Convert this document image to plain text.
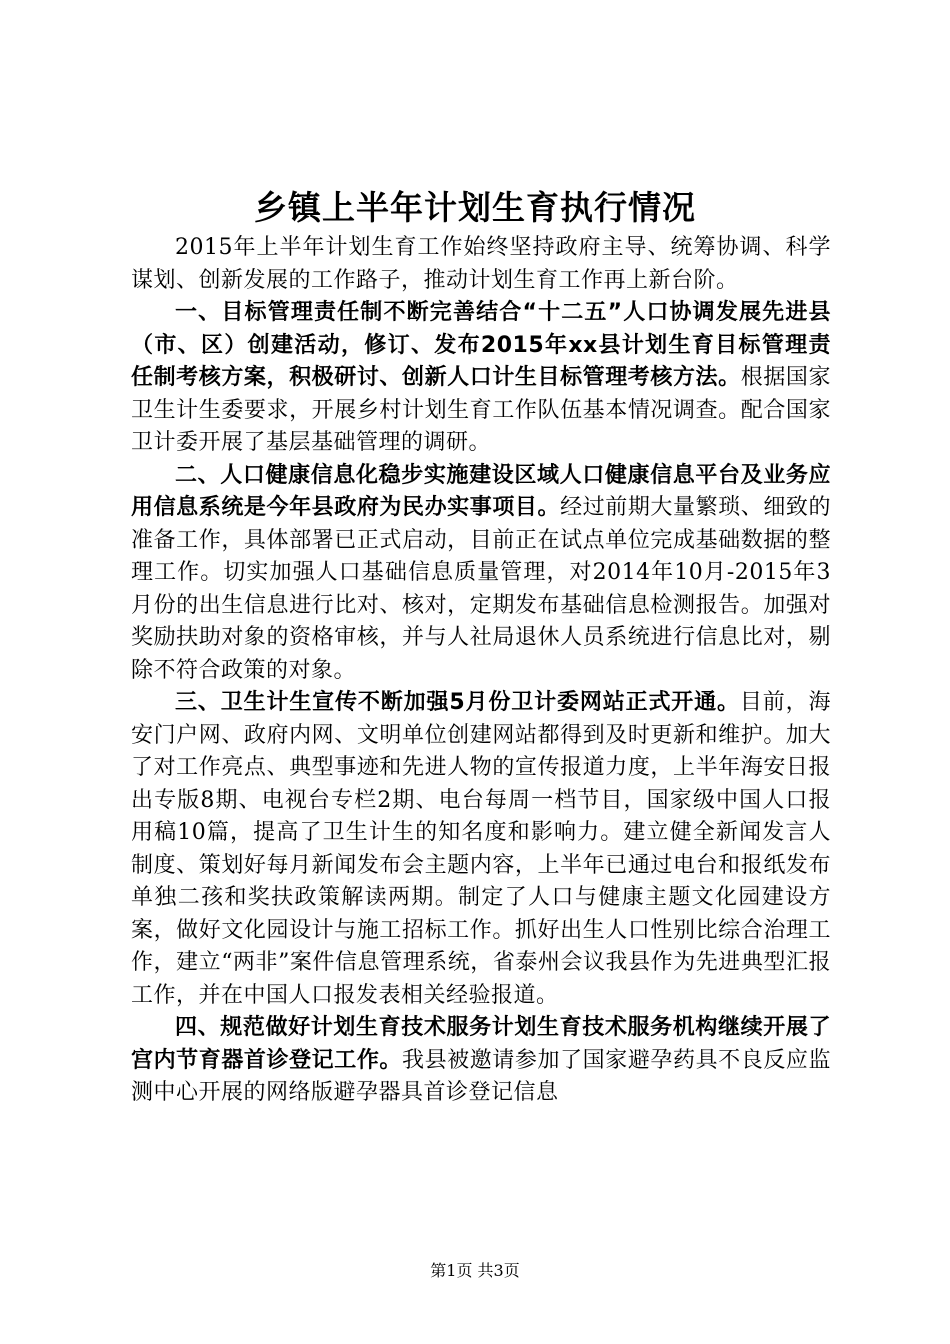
乡镇上半年计划生育执行情况

2015年上半年计划生育工作始终坚持政府主导、统筹协调、科学谋划、创新发展的工作路子，推动计划生育工作再上新台阶。

一、目标管理责任制不断完善结合“十二五”人口协调发展先进县（市、区）创建活动，修订、发布2015年xx县计划生育目标管理责任制考核方案，积极研讨、创新人口计生目标管理考核方法。根据国家卫生计生委要求，开展乡村计划生育工作队伍基本情况调查。配合国家卫计委开展了基层基础管理的调研。

二、人口健康信息化稳步实施建设区域人口健康信息平台及业务应用信息系统是今年县政府为民办实事项目。经过前期大量繁琐、细致的准备工作，具体部署已正式启动，目前正在试点单位完成基础数据的整理工作。切实加强人口基础信息质量管理，对2014年10月-2015年3月份的出生信息进行比对、核对，定期发布基础信息检测报告。加强对奖励扶助对象的资格审核，并与人社局退休人员系统进行信息比对，剔除不符合政策的对象。

三、卫生计生宣传不断加强5月份卫计委网站正式开通。目前，海安门户网、政府内网、文明单位创建网站都得到及时更新和维护。加大了对工作亮点、典型事迹和先进人物的宣传报道力度，上半年海安日报出专版8期、电视台专栏2期、电台每周一档节目，国家级中国人口报用稿10篇，提高了卫生计生的知名度和影响力。建立健全新闻发言人制度、策划好每月新闻发布会主题内容，上半年已通过电台和报纸发布单独二孩和奖扶政策解读两期。制定了人口与健康主题文化园建设方案，做好文化园设计与施工招标工作。抓好出生人口性别比综合治理工作，建立“两非”案件信息管理系统，省泰州会议我县作为先进典型汇报工作，并在中国人口报发表相关经验报道。

四、规范做好计划生育技术服务计划生育技术服务机构继续开展了宫内节育器首诊登记工作。我县被邀请参加了国家避孕药具不良反应监测中心开展的网络版避孕器具首诊登记信息

第1页 共3页
